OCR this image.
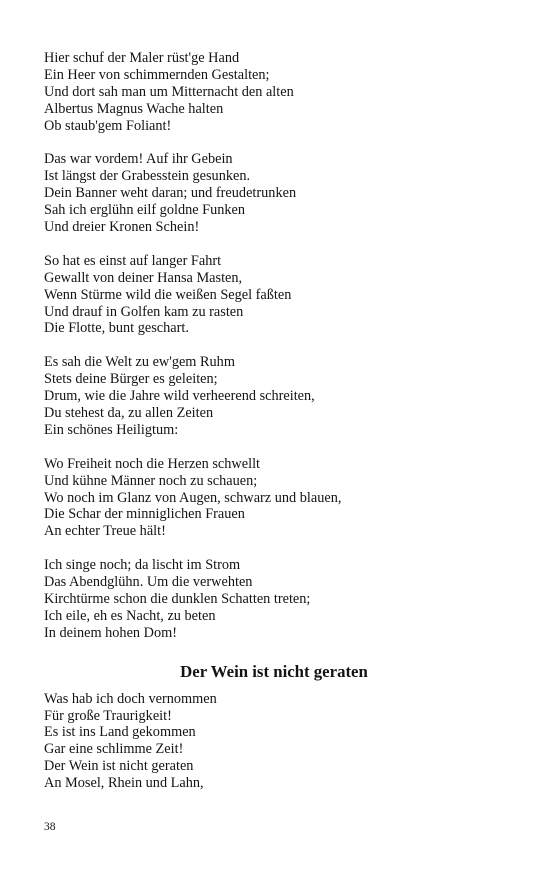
Hier schuf der Maler rüst'ge Hand
Ein Heer von schimmernden Gestalten;
Und dort sah man um Mitternacht den alten
Albertus Magnus Wache halten
Ob staub'gem Foliant!
Das war vordem! Auf ihr Gebein
Ist längst der Grabesstein gesunken.
Dein Banner weht daran; und freudetrunken
Sah ich erglühn eilf goldne Funken
Und dreier Kronen Schein!
So hat es einst auf langer Fahrt
Gewallt von deiner Hansa Masten,
Wenn Stürme wild die weißen Segel faßten
Und drauf in Golfen kam zu rasten
Die Flotte, bunt geschart.
Es sah die Welt zu ew'gem Ruhm
Stets deine Bürger es geleiten;
Drum, wie die Jahre wild verheerend schreiten,
Du stehest da, zu allen Zeiten
Ein schönes Heiligtum:
Wo Freiheit noch die Herzen schwellt
Und kühne Männer noch zu schauen;
Wo noch im Glanz von Augen, schwarz und blauen,
Die Schar der minniglichen Frauen
An echter Treue hält!
Ich singe noch; da lischt im Strom
Das Abendglühn. Um die verwehten
Kirchtürme schon die dunklen Schatten treten;
Ich eile, eh es Nacht, zu beten
In deinem hohen Dom!
Der Wein ist nicht geraten
Was hab ich doch vernommen
Für große Traurigkeit!
Es ist ins Land gekommen
Gar eine schlimme Zeit!
Der Wein ist nicht geraten
An Mosel, Rhein und Lahn,
38
